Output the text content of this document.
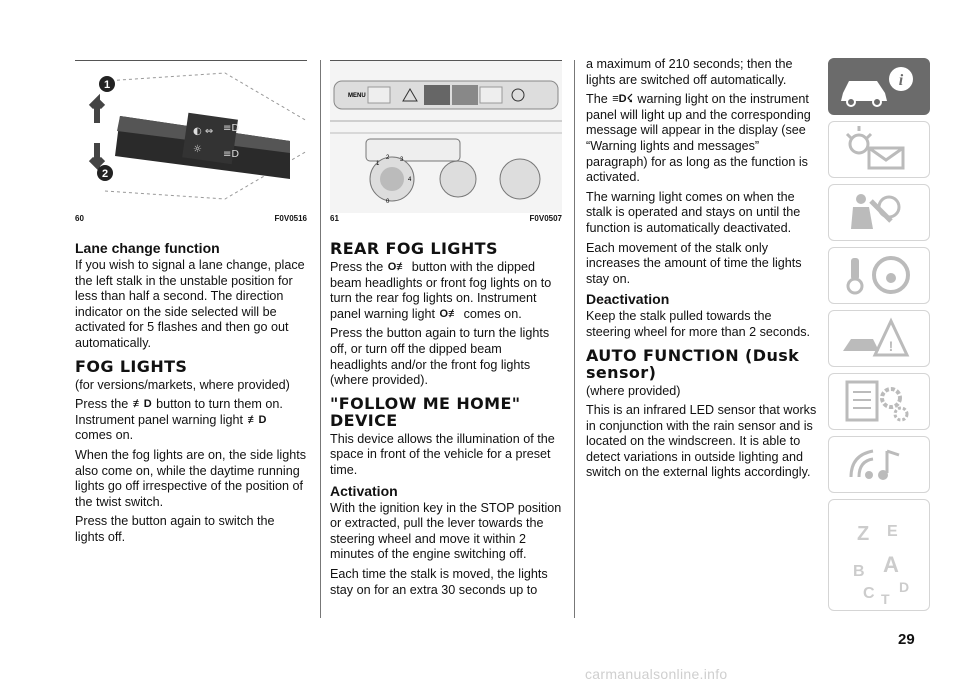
◐ ⇔ ≡D
☼ ≡D
1
2
60	F0V0516
Lane change function

If you wish to signal a lane change, place the left stalk in the unstable position for less than half a second. The direction indicator on the side selected will be activated for 5 flashes and then go out automatically.

FOG LIGHTS

(for versions/markets, where provided)

Press the ≢D button to turn them on. Instrument panel warning light ≢D comes on.

When the fog lights are on, the side lights also come on, while the daytime running lights go off irrespective of the position of the twist switch.

Press the button again to switch the lights off.

MENU
1
2 3
4
0
61	F0V0507
REAR FOG LIGHTS

Press the O≢ button with the dipped beam headlights or front fog lights on to turn the rear fog lights on. Instrument panel warning light O≢ comes on.

Press the button again to turn the lights off, or turn off the dipped beam headlights and/or the front fog lights (where provided).

"FOLLOW ME HOME" DEVICE

This device allows the illumination of the space in front of the vehicle for a preset time.

Activation

With the ignition key in the STOP position or extracted, pull the lever towards the steering wheel and move it within 2 minutes of the engine switching off.

Each time the stalk is moved, the lights stay on for an extra 30 seconds up to

a maximum of 210 seconds; then the lights are switched off automatically.

The ≡D☇ warning light on the instrument panel will light up and the corresponding message will appear in the display (see “Warning lights and messages” paragraph) for as long as the function is activated.

The warning light comes on when the stalk is operated and stays on until the function is automatically deactivated.

Each movement of the stalk only increases the amount of time the lights stay on.

Deactivation

Keep the stalk pulled towards the steering wheel for more than 2 seconds.

AUTO FUNCTION (Dusk sensor)

(where provided)

This is an infrared LED sensor that works in conjunction with the rain sensor and is located on the windscreen. It is able to detect variations in outside lighting and switch on the external lights accordingly.

i
!
Z E
B A
C D
T
29
carmanualsonline.info
